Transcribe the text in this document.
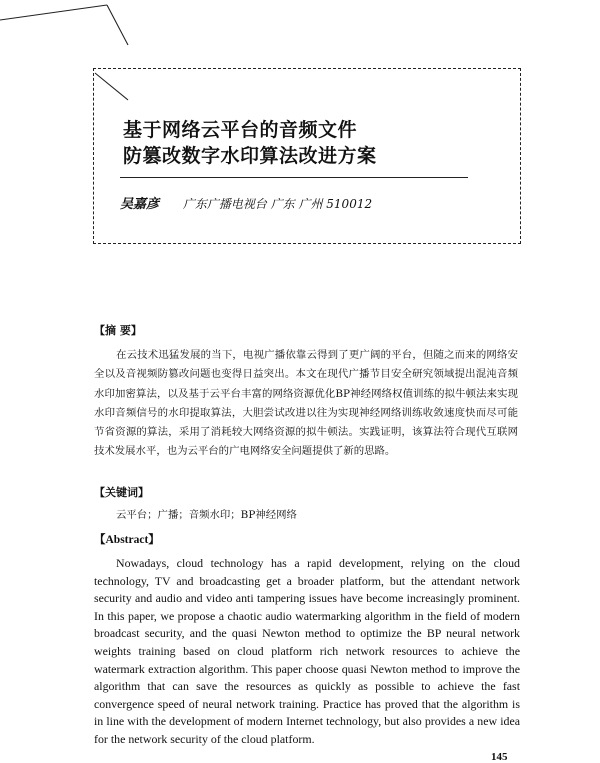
基于网络云平台的音频文件
防篡改数字水印算法改进方案
吴嘉彦 广东广播电视台 广东 广州 510012
【摘 要】

在云技术迅猛发展的当下，电视广播依靠云得到了更广阔的平台，但随之而来的网络安全以及音视频防篡改问题也变得日益突出。本文在现代广播节目安全研究领域提出混沌音频水印加密算法，以及基于云平台丰富的网络资源优化BP神经网络权值训练的拟牛顿法来实现水印音频信号的水印提取算法，大胆尝试改进以往为实现神经网络训练收敛速度快而尽可能节省资源的算法，采用了消耗较大网络资源的拟牛顿法。实践证明，该算法符合现代互联网技术发展水平，也为云平台的广电网络安全问题提供了新的思路。

【关键词】
云平台；广播；音频水印；BP神经网络
【Abstract】

Nowadays, cloud technology has a rapid development, relying on the cloud technology, TV and broadcasting get a broader platform, but the attendant network security and audio and video anti tampering issues have become increasingly prominent. In this paper, we propose a chaotic audio watermarking algorithm in the field of modern broadcast security, and the quasi Newton method to optimize the BP neural network weights training based on cloud platform rich network resources to achieve the watermark extraction algorithm. This paper choose quasi Newton method to improve the algorithm that can save the resources as quickly as possible to achieve the fast convergence speed of neural network training. Practice has proved that the algorithm is in line with the development of modern Internet technology, but also provides a new idea for the network security of the cloud platform.

145
